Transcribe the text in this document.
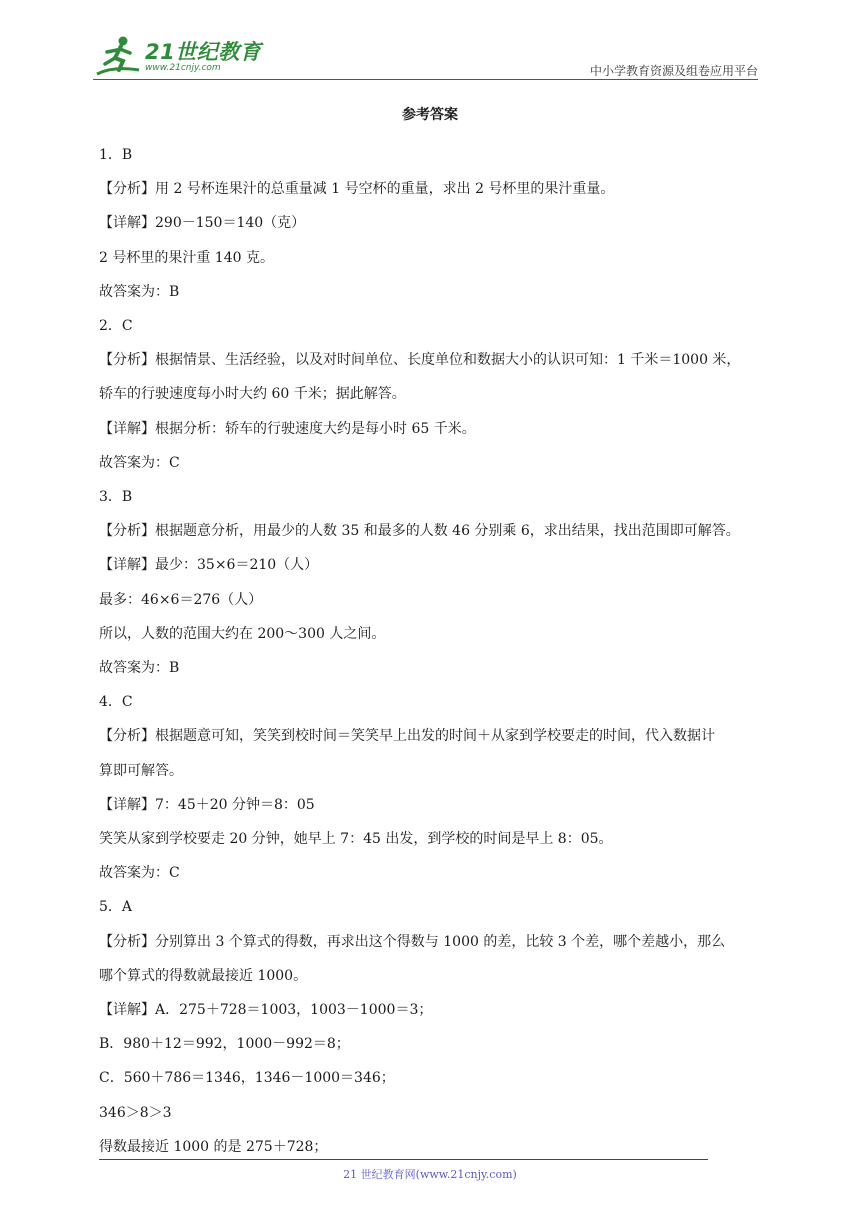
21世纪教育
www.21cnjy.com	中小学教育资源及组卷应用平台
参考答案
1．B
【分析】用 2 号杯连果汁的总重量减 1 号空杯的重量，求出 2 号杯里的果汁重量。
【详解】290－150＝140（克）
2 号杯里的果汁重 140 克。
故答案为：B
2．C
【分析】根据情景、生活经验，以及对时间单位、长度单位和数据大小的认识可知：1 千米＝1000 米，
轿车的行驶速度每小时大约 60 千米；据此解答。
【详解】根据分析：轿车的行驶速度大约是每小时 65 千米。
故答案为：C
3．B
【分析】根据题意分析，用最少的人数 35 和最多的人数 46 分别乘 6，求出结果，找出范围即可解答。
【详解】最少：35×6＝210（人）
最多：46×6＝276（人）
所以，人数的范围大约在 200～300 人之间。
故答案为：B
4．C
【分析】根据题意可知，笑笑到校时间＝笑笑早上出发的时间＋从家到学校要走的时间，代入数据计
算即可解答。
【详解】7：45＋20 分钟＝8：05
笑笑从家到学校要走 20 分钟，她早上 7：45 出发，到学校的时间是早上 8：05。
故答案为：C
5．A
【分析】分别算出 3 个算式的得数，再求出这个得数与 1000 的差，比较 3 个差，哪个差越小，那么
哪个算式的得数就最接近 1000。
【详解】A．275＋728＝1003，1003－1000＝3；
B．980＋12＝992，1000－992＝8；
C．560＋786＝1346，1346－1000＝346；
346＞8＞3
得数最接近 1000 的是 275＋728；
21 世纪教育网(www.21cnjy.com)
